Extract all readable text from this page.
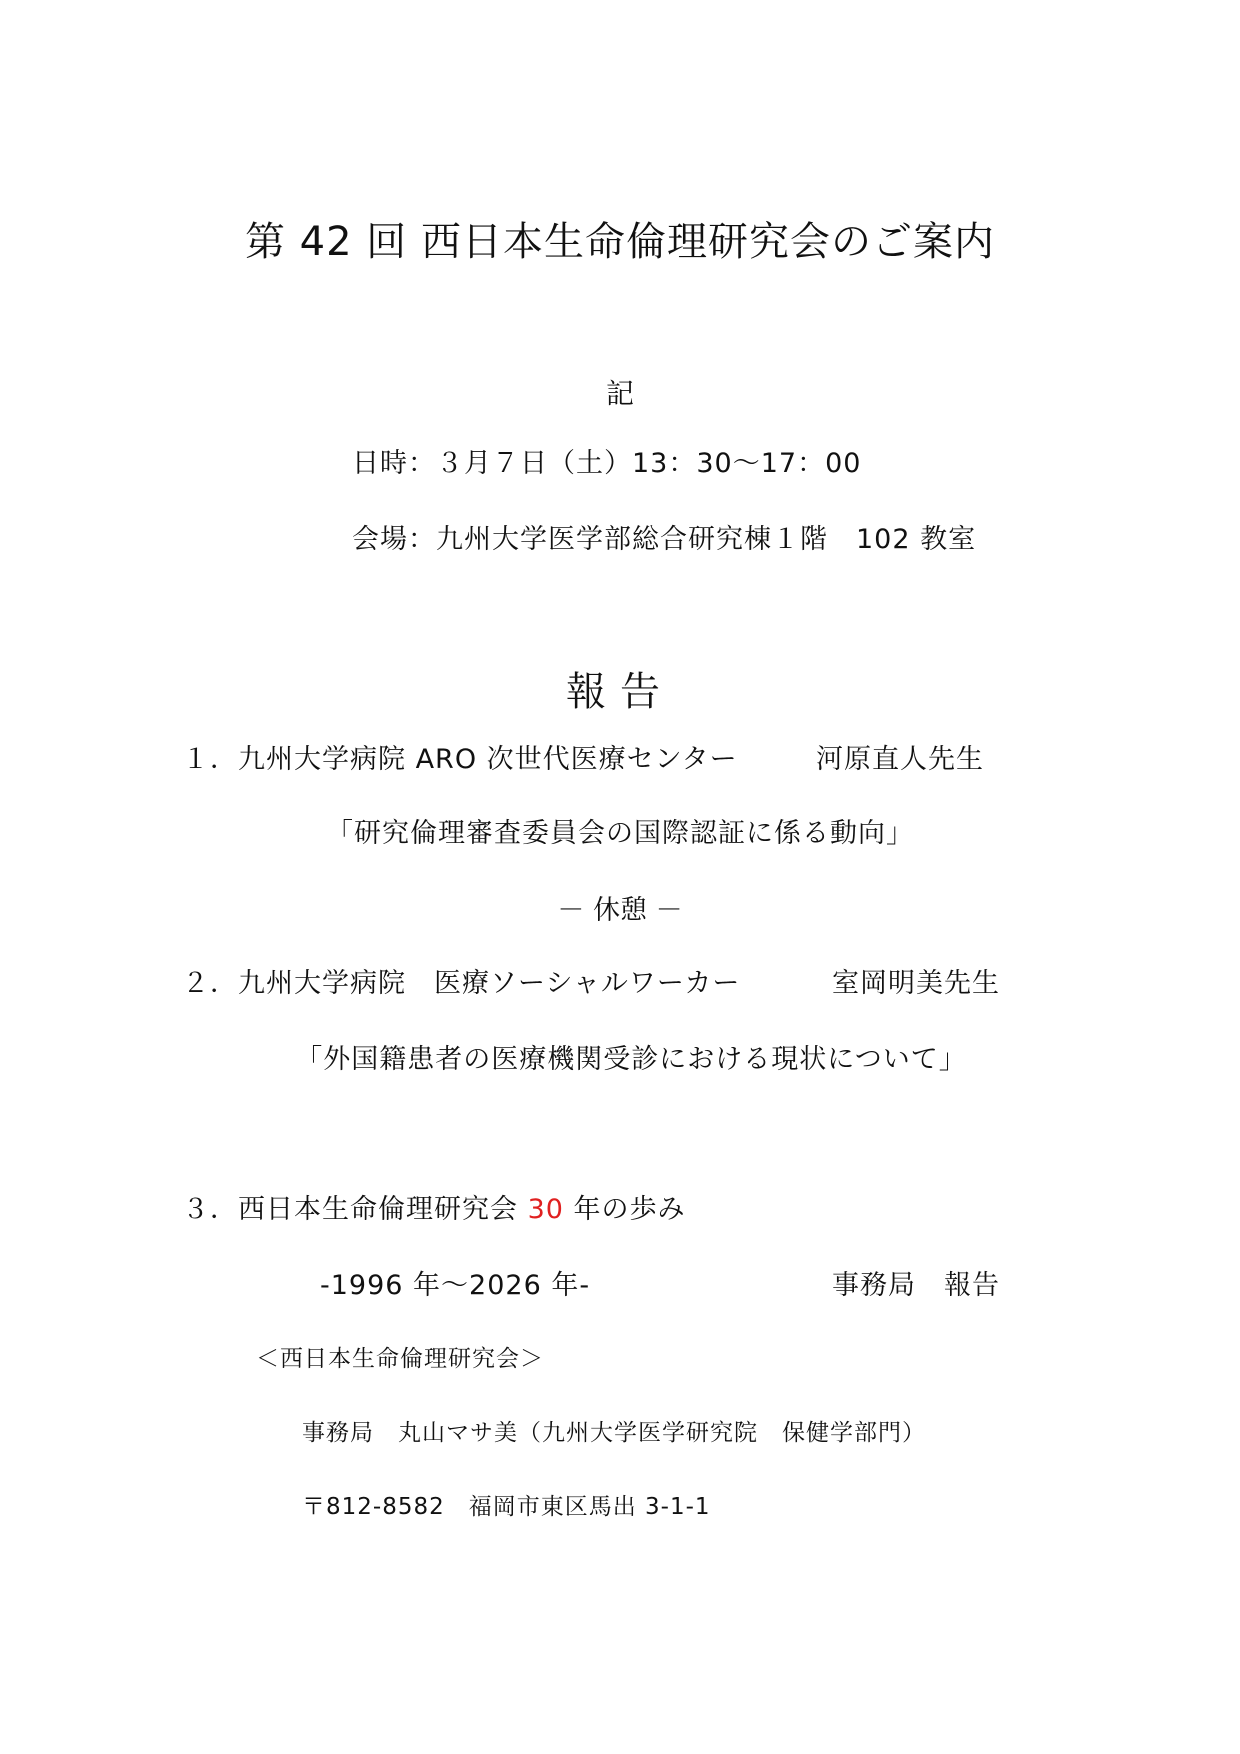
第 42 回 西日本生命倫理研究会のご案内
記
日時：３月７日（土）13：30～17：00
会場：九州大学医学部総合研究棟１階　102 教室
報告
１．九州大学病院 ARO 次世代医療センター	河原直人先生
「研究倫理審査委員会の国際認証に係る動向」
－ 休憩 －
２．九州大学病院　医療ソーシャルワーカー	室岡明美先生
「外国籍患者の医療機関受診における現状について」
３．西日本生命倫理研究会 30 年の歩み
-1996 年～2026 年-	事務局　報告
＜西日本生命倫理研究会＞
事務局　丸山マサ美（九州大学医学研究院　保健学部門）
〒812-8582　福岡市東区馬出 3-1-1
